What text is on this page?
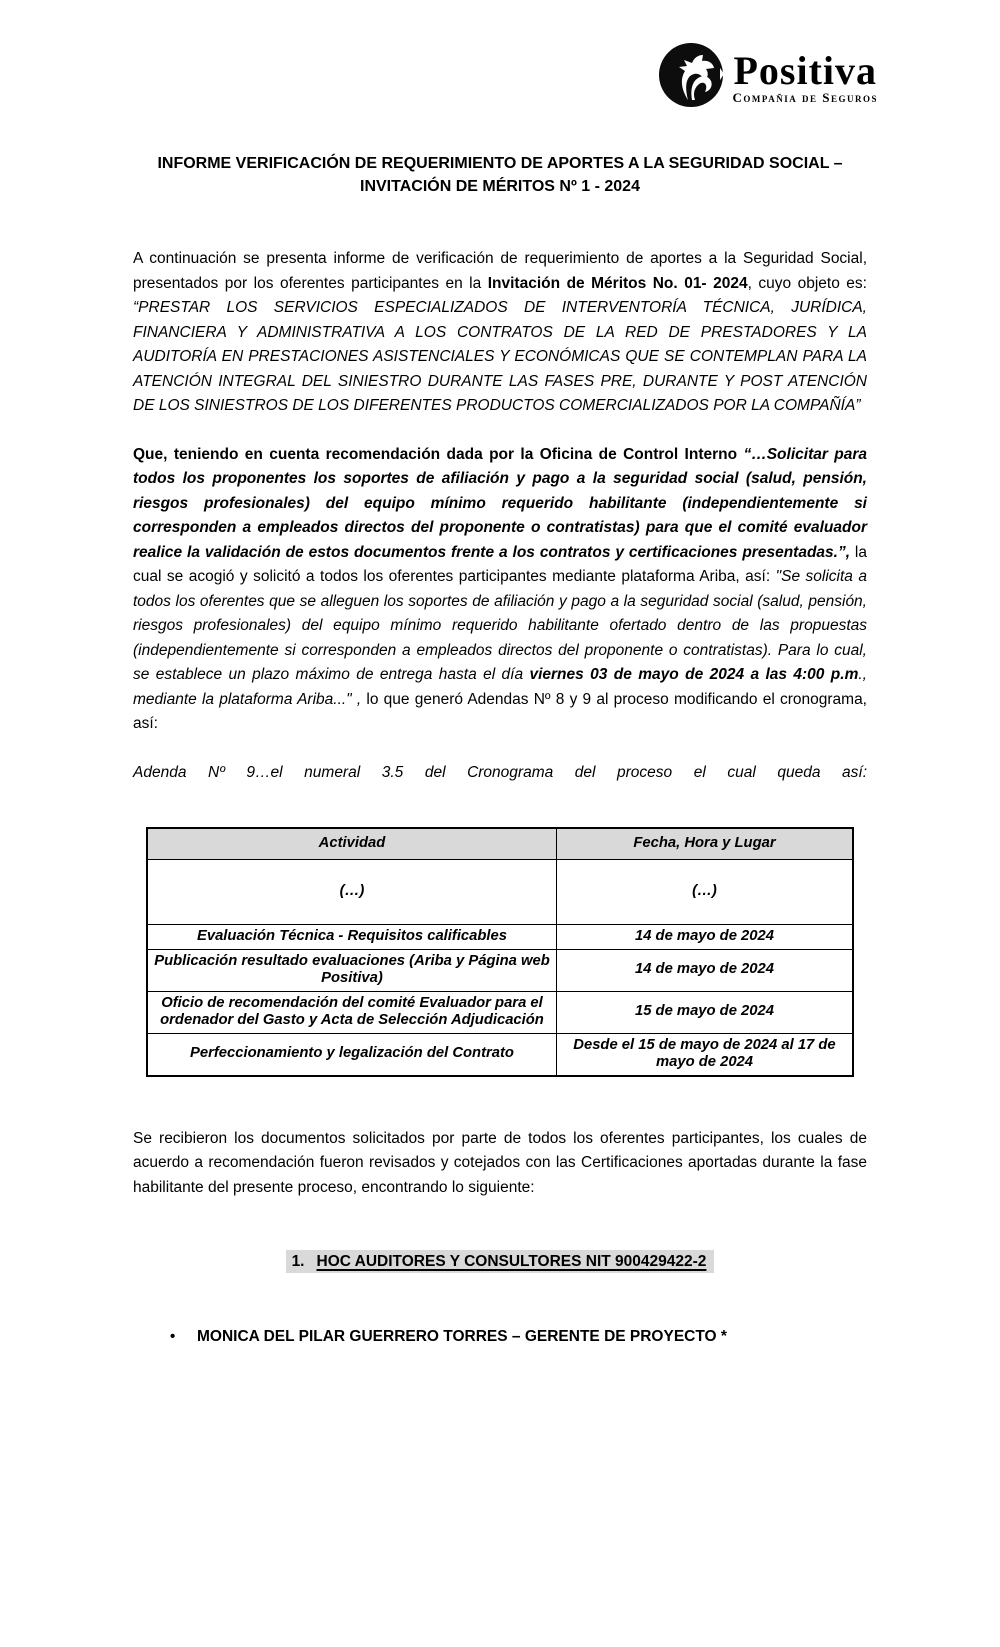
Positiva
Compañia de Seguros
INFORME VERIFICACIÓN DE REQUERIMIENTO DE APORTES A LA SEGURIDAD SOCIAL – INVITACIÓN DE MÉRITOS Nº 1 - 2024

A continuación se presenta informe de verificación de requerimiento de aportes a la Seguridad Social, presentados por los oferentes participantes en la Invitación de Méritos No. 01- 2024, cuyo objeto es: “PRESTAR LOS SERVICIOS ESPECIALIZADOS DE INTERVENTORÍA TÉCNICA, JURÍDICA, FINANCIERA Y ADMINISTRATIVA A LOS CONTRATOS DE LA RED DE PRESTADORES Y LA AUDITORÍA EN PRESTACIONES ASISTENCIALES Y ECONÓMICAS QUE SE CONTEMPLAN PARA LA ATENCIÓN INTEGRAL DEL SINIESTRO DURANTE LAS FASES PRE, DURANTE Y POST ATENCIÓN DE LOS SINIESTROS DE LOS DIFERENTES PRODUCTOS COMERCIALIZADOS POR LA COMPAÑÍA”

Que, teniendo en cuenta recomendación dada por la Oficina de Control Interno “…Solicitar para todos los proponentes los soportes de afiliación y pago a la seguridad social (salud, pensión, riesgos profesionales) del equipo mínimo requerido habilitante (independientemente si corresponden a empleados directos del proponente o contratistas) para que el comité evaluador realice la validación de estos documentos frente a los contratos y certificaciones presentadas.”, la cual se acogió y solicitó a todos los oferentes participantes mediante plataforma Ariba, así: "Se solicita a todos los oferentes que se alleguen los soportes de afiliación y pago a la seguridad social (salud, pensión, riesgos profesionales) del equipo mínimo requerido habilitante ofertado dentro de las propuestas (independientemente si corresponden a empleados directos del proponente o contratistas). Para lo cual, se establece un plazo máximo de entrega hasta el día viernes 03 de mayo de 2024 a las 4:00 p.m., mediante la plataforma Ariba..." , lo que generó Adendas Nº 8 y 9 al proceso modificando el cronograma, así:

Adenda Nº 9…el numeral 3.5 del Cronograma del proceso el cual queda así:

Actividad	Fecha, Hora y Lugar
(…)	(…)
Evaluación Técnica - Requisitos calificables	14 de mayo de 2024
Publicación resultado evaluaciones (Ariba y Página web Positiva)	14 de mayo de 2024
Oficio de recomendación del comité Evaluador para el ordenador del Gasto y Acta de Selección Adjudicación	15 de mayo de 2024
Perfeccionamiento y legalización del Contrato	Desde el 15 de mayo de 2024 al 17 de mayo de 2024

Se recibieron los documentos solicitados por parte de todos los oferentes participantes, los cuales de acuerdo a recomendación fueron revisados y cotejados con las Certificaciones aportadas durante la fase habilitante del presente proceso, encontrando lo siguiente:

1. HOC AUDITORES Y CONSULTORES NIT 900429422-2
•	MONICA DEL PILAR GUERRERO TORRES – GERENTE DE PROYECTO *
